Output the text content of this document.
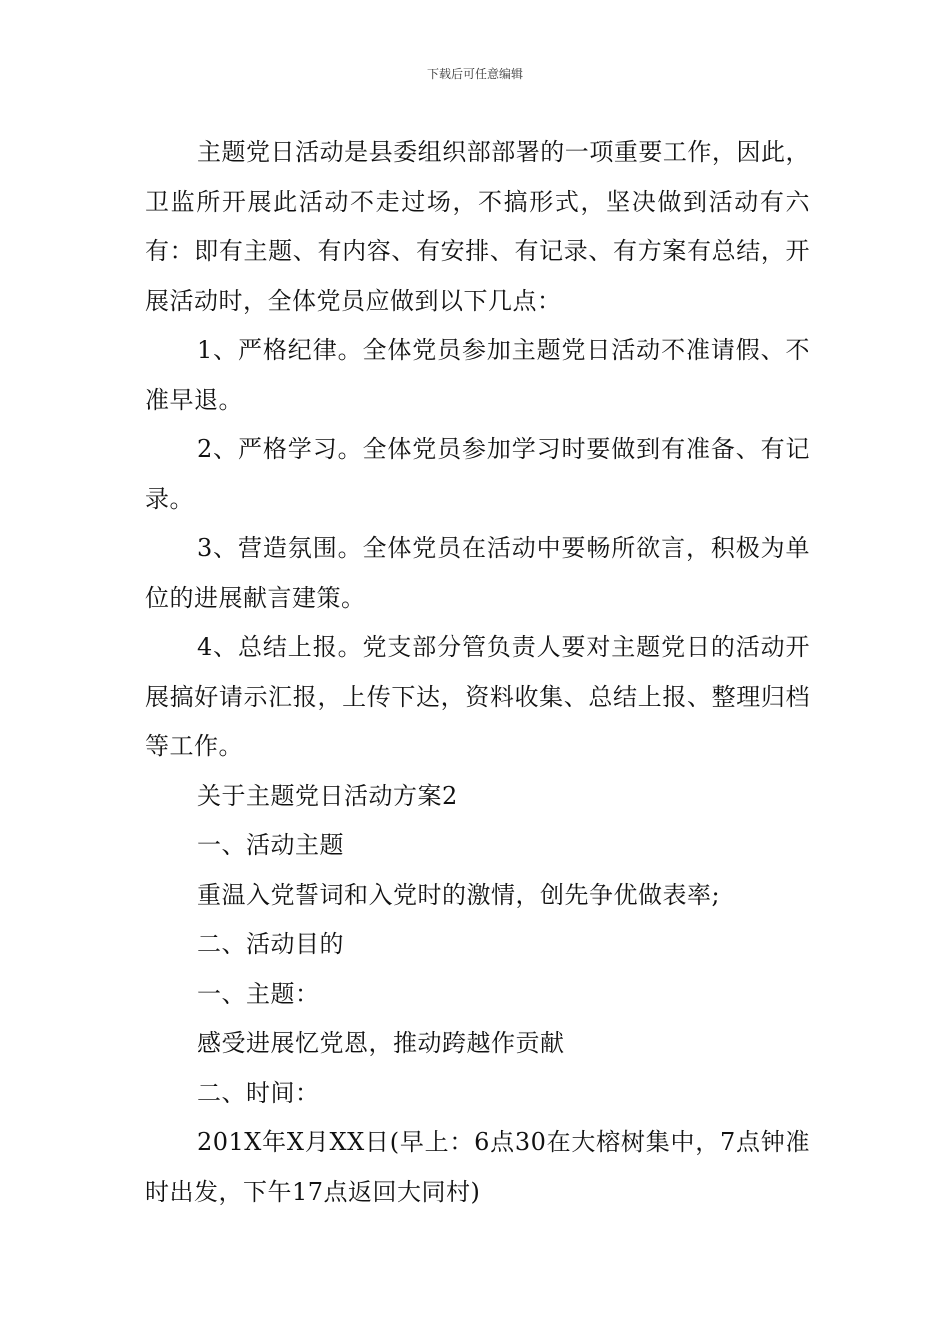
下载后可任意编辑

主题党日活动是县委组织部部署的一项重要工作，因此，卫监所开展此活动不走过场，不搞形式，坚决做到活动有六有：即有主题、有内容、有安排、有记录、有方案有总结，开展活动时，全体党员应做到以下几点：

1、严格纪律。全体党员参加主题党日活动不准请假、不准早退。

2、严格学习。全体党员参加学习时要做到有准备、有记录。

3、营造氛围。全体党员在活动中要畅所欲言，积极为单位的进展献言建策。

4、总结上报。党支部分管负责人要对主题党日的活动开展搞好请示汇报，上传下达，资料收集、总结上报、整理归档等工作。

关于主题党日活动方案2

一、活动主题

重温入党誓词和入党时的激情，创先争优做表率;

二、活动目的

一、主题：

感受进展忆党恩，推动跨越作贡献

二、时间：

201X年X月XX日(早上：6点30在大榕树集中，7点钟准时出发，下午17点返回大同村)
